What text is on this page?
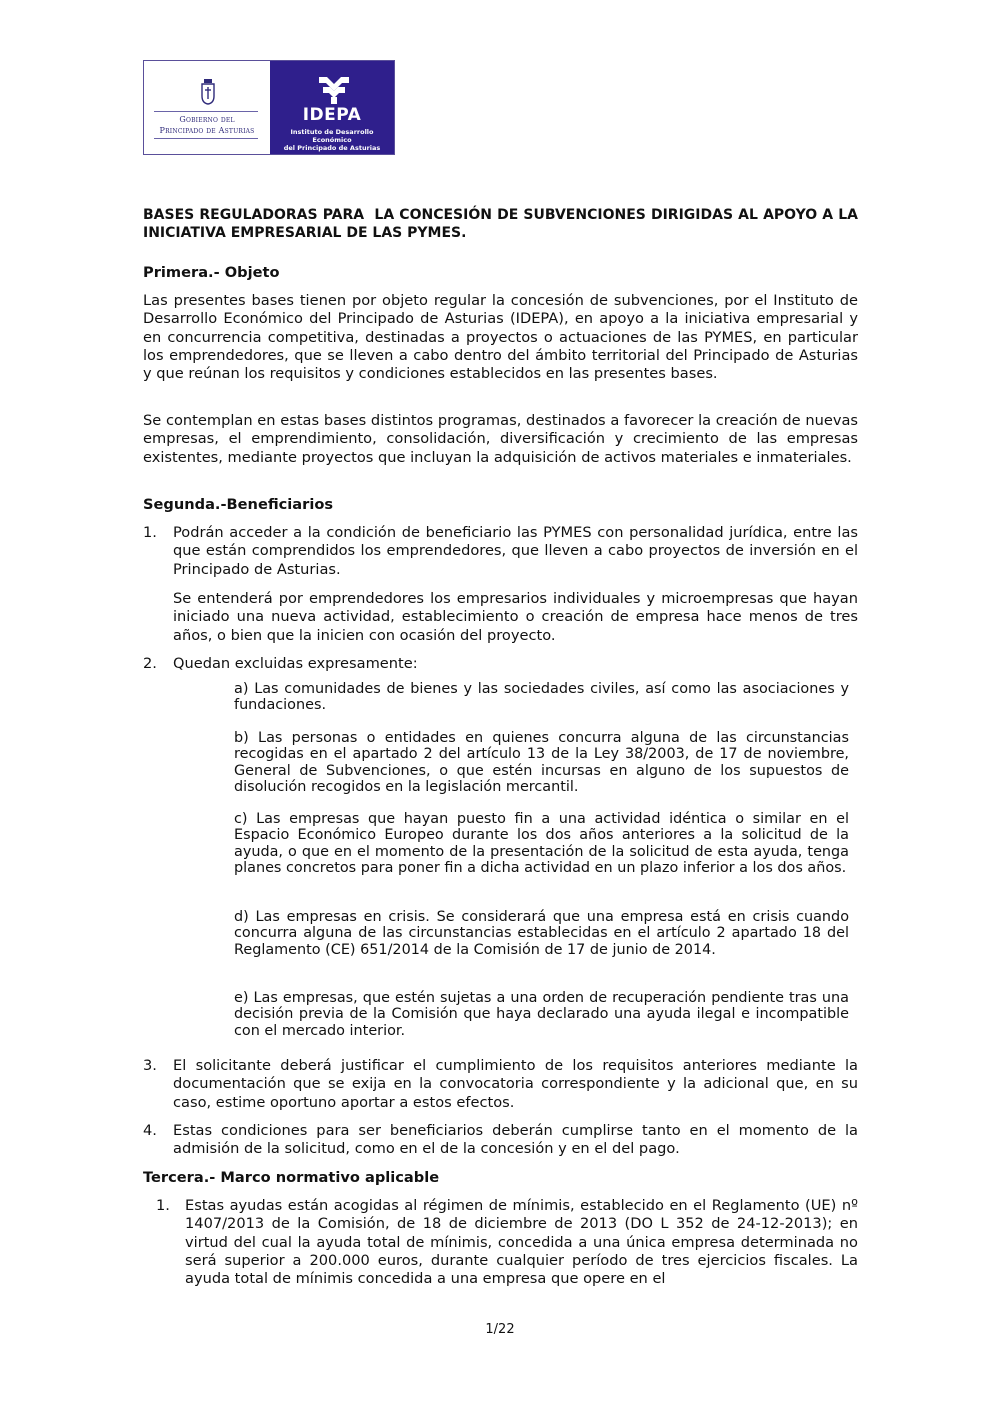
Gobierno del
Principado de Asturias
IDEPA
Instituto de Desarrollo Económico
del Principado de Asturias
BASES REGULADORAS PARA  LA CONCESIÓN DE SUBVENCIONES DIRIGIDAS AL APOYO A LA INICIATIVA EMPRESARIAL DE LAS PYMES.
Primera.- Objeto
Las presentes bases tienen por objeto regular la concesión de subvenciones, por el Instituto de Desarrollo Económico del Principado de Asturias (IDEPA), en apoyo a la iniciativa empresarial y en concurrencia competitiva, destinadas a proyectos o actuaciones de las PYMES, en particular los emprendedores, que se lleven a cabo dentro del ámbito territorial del Principado de Asturias y que reúnan los requisitos y condiciones establecidos en las presentes bases.
Se contemplan en estas bases distintos programas, destinados a favorecer la creación de nuevas empresas, el emprendimiento, consolidación, diversificación y crecimiento de las empresas existentes, mediante proyectos que incluyan la adquisición de activos materiales e inmateriales.
Segunda.-Beneficiarios
1. Podrán acceder a la condición de beneficiario las PYMES con personalidad jurídica, entre las que están comprendidos los emprendedores, que lleven a cabo proyectos de inversión en el Principado de Asturias.
Se entenderá por emprendedores los empresarios individuales y microempresas que hayan iniciado una nueva actividad, establecimiento o creación de empresa hace menos de tres años, o bien que la inicien con ocasión del proyecto.
2. Quedan excluidas expresamente:
a) Las comunidades de bienes y las sociedades civiles, así como las asociaciones y fundaciones.
b) Las personas o entidades en quienes concurra alguna de las circunstancias recogidas en el apartado 2 del artículo 13 de la Ley 38/2003, de 17 de noviembre, General de Subvenciones, o que estén incursas en alguno de los supuestos de disolución recogidos en la legislación mercantil.
c) Las empresas que hayan puesto fin a una actividad idéntica o similar en el Espacio Económico Europeo durante los dos años anteriores a la solicitud de la ayuda, o que en el momento de la presentación de la solicitud de esta ayuda, tenga planes concretos para poner fin a dicha actividad en un plazo inferior a los dos años.
d) Las empresas en crisis. Se considerará que una empresa está en crisis cuando concurra alguna de las circunstancias establecidas en el artículo 2 apartado 18 del Reglamento (CE) 651/2014 de la Comisión de 17 de junio de 2014.
e) Las empresas, que estén sujetas a una orden de recuperación pendiente tras una decisión previa de la Comisión que haya declarado una ayuda ilegal e incompatible con el mercado interior.
3. El solicitante deberá justificar el cumplimiento de los requisitos anteriores mediante la documentación que se exija en la convocatoria correspondiente y la adicional que, en su caso, estime oportuno aportar a estos efectos.
4. Estas condiciones para ser beneficiarios deberán cumplirse tanto en el momento de la admisión de la solicitud, como en el de la concesión y en el del pago.
Tercera.- Marco normativo aplicable
1. Estas ayudas están acogidas al régimen de mínimis, establecido en el Reglamento (UE) nº 1407/2013 de la Comisión, de 18 de diciembre de 2013 (DO L 352 de 24-12-2013); en virtud del cual la ayuda total de mínimis, concedida a una única empresa determinada no será superior a 200.000 euros, durante cualquier período de tres ejercicios fiscales. La ayuda total de mínimis concedida a una empresa que opere en el
1/22
